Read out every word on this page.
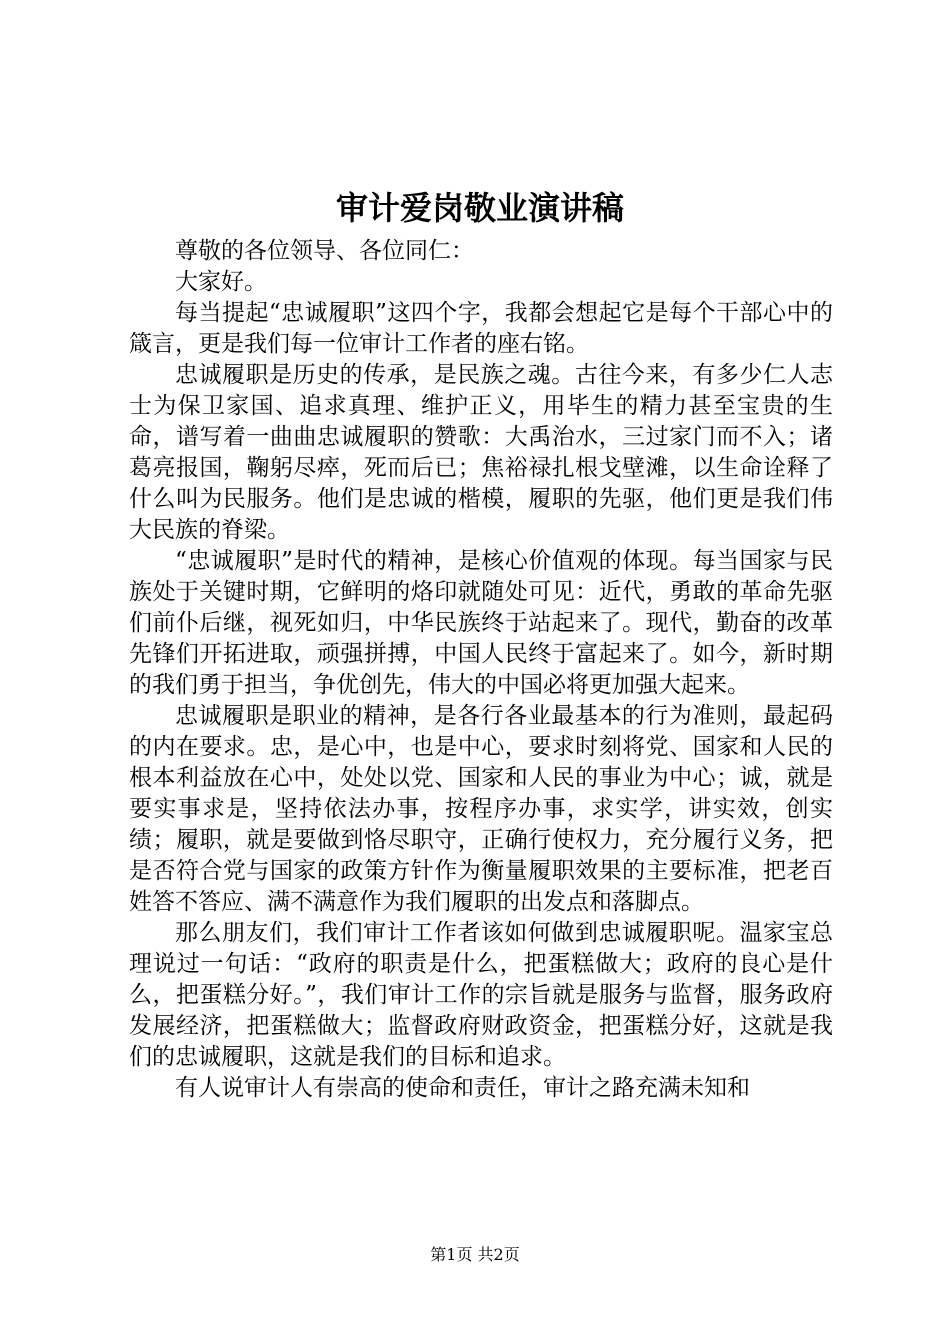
审计爱岗敬业演讲稿

尊敬的各位领导、各位同仁：

大家好。

每当提起“忠诚履职”这四个字，我都会想起它是每个干部心中的箴言，更是我们每一位审计工作者的座右铭。

忠诚履职是历史的传承，是民族之魂。古往今来，有多少仁人志士为保卫家国、追求真理、维护正义，用毕生的精力甚至宝贵的生命，谱写着一曲曲忠诚履职的赞歌：大禹治水，三过家门而不入；诸葛亮报国，鞠躬尽瘁，死而后已；焦裕禄扎根戈壁滩，以生命诠释了什么叫为民服务。他们是忠诚的楷模，履职的先驱，他们更是我们伟大民族的脊梁。

“忠诚履职”是时代的精神，是核心价值观的体现。每当国家与民族处于关键时期，它鲜明的烙印就随处可见：近代，勇敢的革命先驱们前仆后继，视死如归，中华民族终于站起来了。现代，勤奋的改革先锋们开拓进取，顽强拼搏，中国人民终于富起来了。如今，新时期的我们勇于担当，争优创先，伟大的中国必将更加强大起来。

忠诚履职是职业的精神，是各行各业最基本的行为准则，最起码的内在要求。忠，是心中，也是中心，要求时刻将党、国家和人民的根本利益放在心中，处处以党、国家和人民的事业为中心；诚，就是要实事求是，坚持依法办事，按程序办事，求实学，讲实效，创实绩；履职，就是要做到恪尽职守，正确行使权力，充分履行义务，把是否符合党与国家的政策方针作为衡量履职效果的主要标准，把老百姓答不答应、满不满意作为我们履职的出发点和落脚点。

那么朋友们，我们审计工作者该如何做到忠诚履职呢。温家宝总理说过一句话：“政府的职责是什么，把蛋糕做大；政府的良心是什么，把蛋糕分好。”，我们审计工作的宗旨就是服务与监督，服务政府发展经济，把蛋糕做大；监督政府财政资金，把蛋糕分好，这就是我们的忠诚履职，这就是我们的目标和追求。

有人说审计人有崇高的使命和责任，审计之路充满未知和

第1页 共2页
